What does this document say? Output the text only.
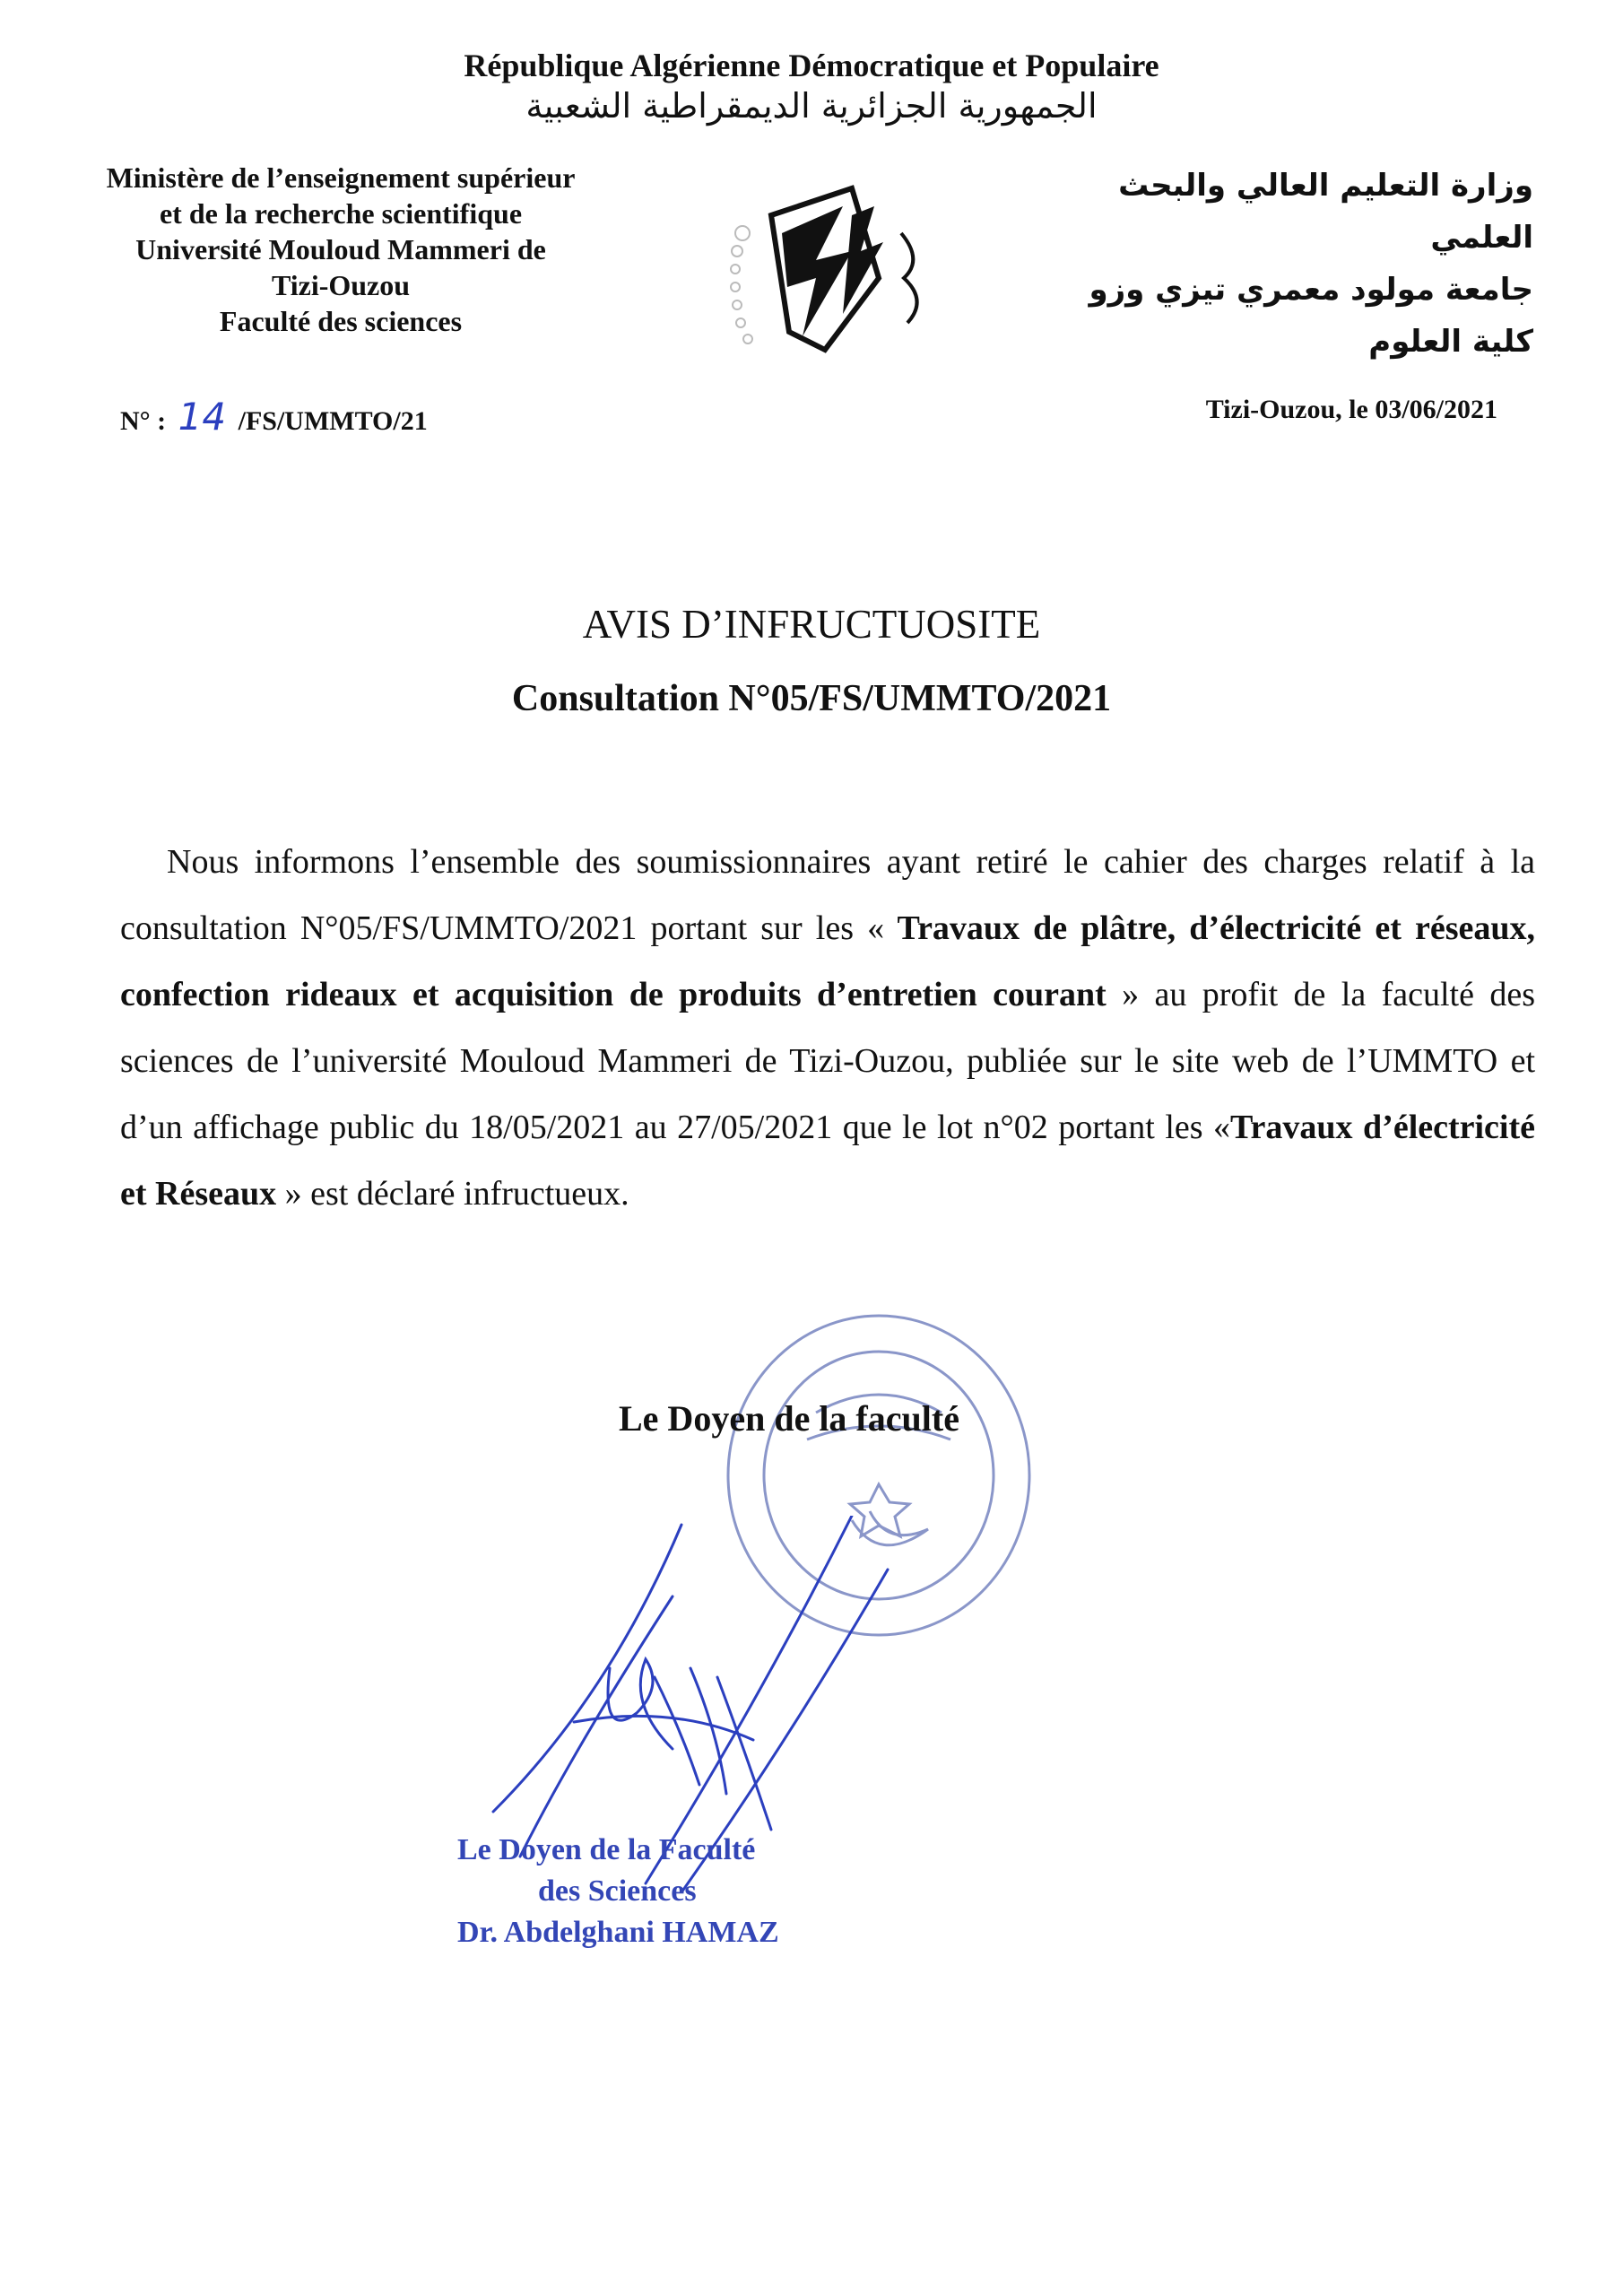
République Algérienne Démocratique et Populaire
الجمهورية الجزائرية الديمقراطية الشعبية
Ministère de l’enseignement supérieur
et de la recherche scientifique
Université Mouloud Mammeri de
Tizi-Ouzou
Faculté des sciences
وزارة التعليم العالي والبحث العلمي
جامعة مولود معمري تيزي وزو
كلية العلوم
N° : 14 /FS/UMMTO/21	Tizi-Ouzou, le 03/06/2021
AVIS D’INFRUCTUOSITE
Consultation N°05/FS/UMMTO/2021
Nous informons l’ensemble des soumissionnaires ayant retiré le cahier des charges relatif à la consultation N°05/FS/UMMTO/2021 portant sur les « Travaux de plâtre, d’électricité et réseaux, confection rideaux et acquisition de produits d’entretien courant » au profit de la faculté des sciences de l’université Mouloud Mammeri de Tizi-Ouzou, publiée sur le site web de l’UMMTO et d’un affichage public du 18/05/2021 au 27/05/2021 que le lot n°02 portant les «Travaux d’électricité et Réseaux » est déclaré infructueux.
Le Doyen de la faculté
Le Doyen de la Faculté
des Sciences
Dr. Abdelghani HAMAZ
